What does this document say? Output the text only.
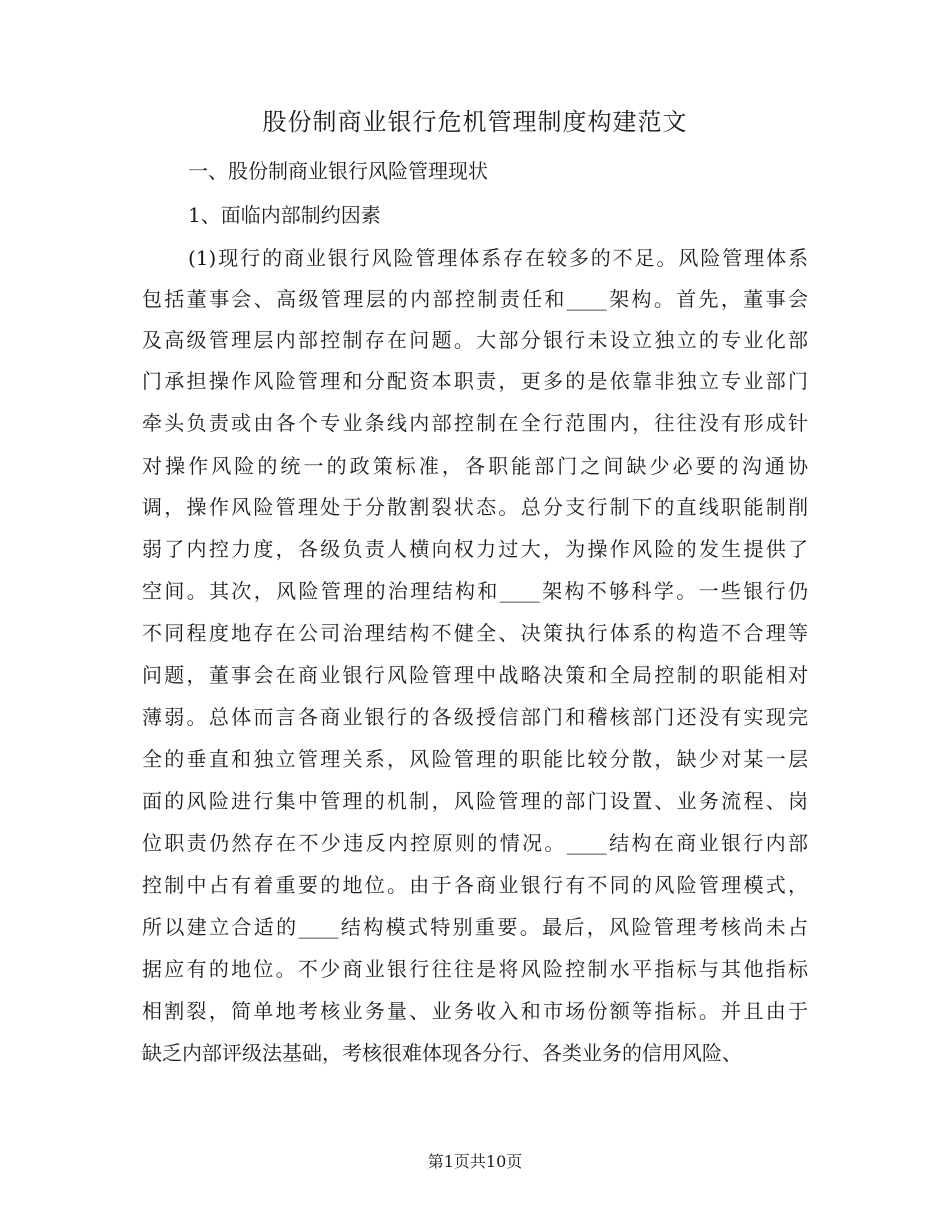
股份制商业银行危机管理制度构建范文
一、股份制商业银行风险管理现状
1、面临内部制约因素
(1)现行的商业银行风险管理体系存在较多的不足。风险管理体系
包括董事会、高级管理层的内部控制责任和____架构。首先，董事会
及高级管理层内部控制存在问题。大部分银行未设立独立的专业化部
门承担操作风险管理和分配资本职责，更多的是依靠非独立专业部门
牵头负责或由各个专业条线内部控制在全行范围内，往往没有形成针
对操作风险的统一的政策标准，各职能部门之间缺少必要的沟通协
调，操作风险管理处于分散割裂状态。总分支行制下的直线职能制削
弱了内控力度，各级负责人横向权力过大，为操作风险的发生提供了
空间。其次，风险管理的治理结构和____架构不够科学。一些银行仍
不同程度地存在公司治理结构不健全、决策执行体系的构造不合理等
问题，董事会在商业银行风险管理中战略决策和全局控制的职能相对
薄弱。总体而言各商业银行的各级授信部门和稽核部门还没有实现完
全的垂直和独立管理关系，风险管理的职能比较分散，缺少对某一层
面的风险进行集中管理的机制，风险管理的部门设置、业务流程、岗
位职责仍然存在不少违反内控原则的情况。____结构在商业银行内部
控制中占有着重要的地位。由于各商业银行有不同的风险管理模式，
所以建立合适的____结构模式特别重要。最后，风险管理考核尚未占
据应有的地位。不少商业银行往往是将风险控制水平指标与其他指标
相割裂，简单地考核业务量、业务收入和市场份额等指标。并且由于
缺乏内部评级法基础，考核很难体现各分行、各类业务的信用风险、
第1页共10页
